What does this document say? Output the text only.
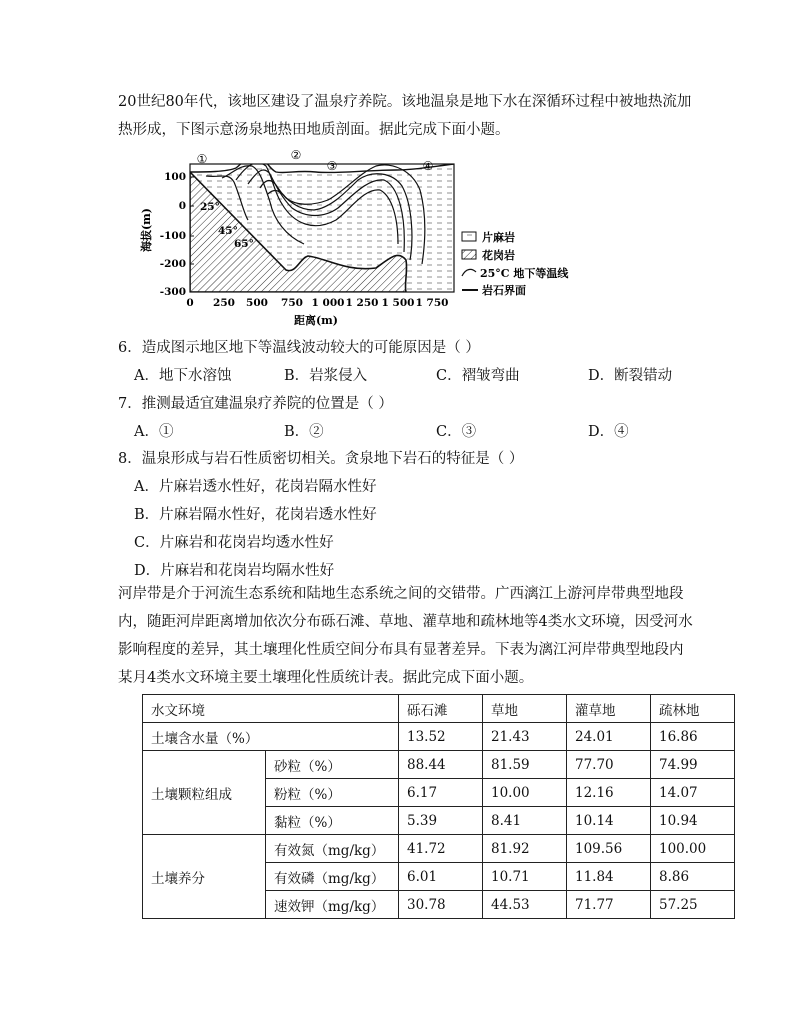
20世纪80年代，该地区建设了温泉疗养院。该地温泉是地下水在深循环过程中被地热流加
热形成，下图示意汤泉地热田地质剖面。据此完成下面小题。
海拔(m)
100
0
-100
-200
-300
0 250 500 750 1 000 1 250 1 500 1 750
距离(m)
①	②
③	④
25°
45°
65°	片麻岩
花岗岩
25°C 地下等温线
岩石界面
6．造成图示地区地下等温线波动较大的可能原因是（ ）
A．地下水溶蚀	B．岩浆侵入	C．褶皱弯曲	D．断裂错动
7．推测最适宜建温泉疗养院的位置是（ ）
A．①	B．②	C．③	D．④
8．温泉形成与岩石性质密切相关。贪泉地下岩石的特征是（ ）
A．片麻岩透水性好，花岗岩隔水性好
B．片麻岩隔水性好，花岗岩透水性好
C．片麻岩和花岗岩均透水性好
D．片麻岩和花岗岩均隔水性好
河岸带是介于河流生态系统和陆地生态系统之间的交错带。广西漓江上游河岸带典型地段
内，随距河岸距离增加依次分布砾石滩、草地、灌草地和疏林地等4类水文环境，因受河水
影响程度的差异，其土壤理化性质空间分布具有显著差异。下表为漓江河岸带典型地段内
某月4类水文环境主要土壤理化性质统计表。据此完成下面小题。
水文环境		砾石滩	草地	灌草地	疏林地
土壤含水量（%）		13.52	21.43	24.01	16.86
土壤颗粒组成	砂粒（%）	88.44	81.59	77.70	74.99
	粉粒（%）	6.17	10.00	12.16	14.07
	黏粒（%）	5.39	8.41	10.14	10.94
土壤养分	有效氮（mg/kg）	41.72	81.92	109.56	100.00
	有效磷（mg/kg）	6.01	10.71	11.84	8.86
	速效钾（mg/kg）	30.78	44.53	71.77	57.25
